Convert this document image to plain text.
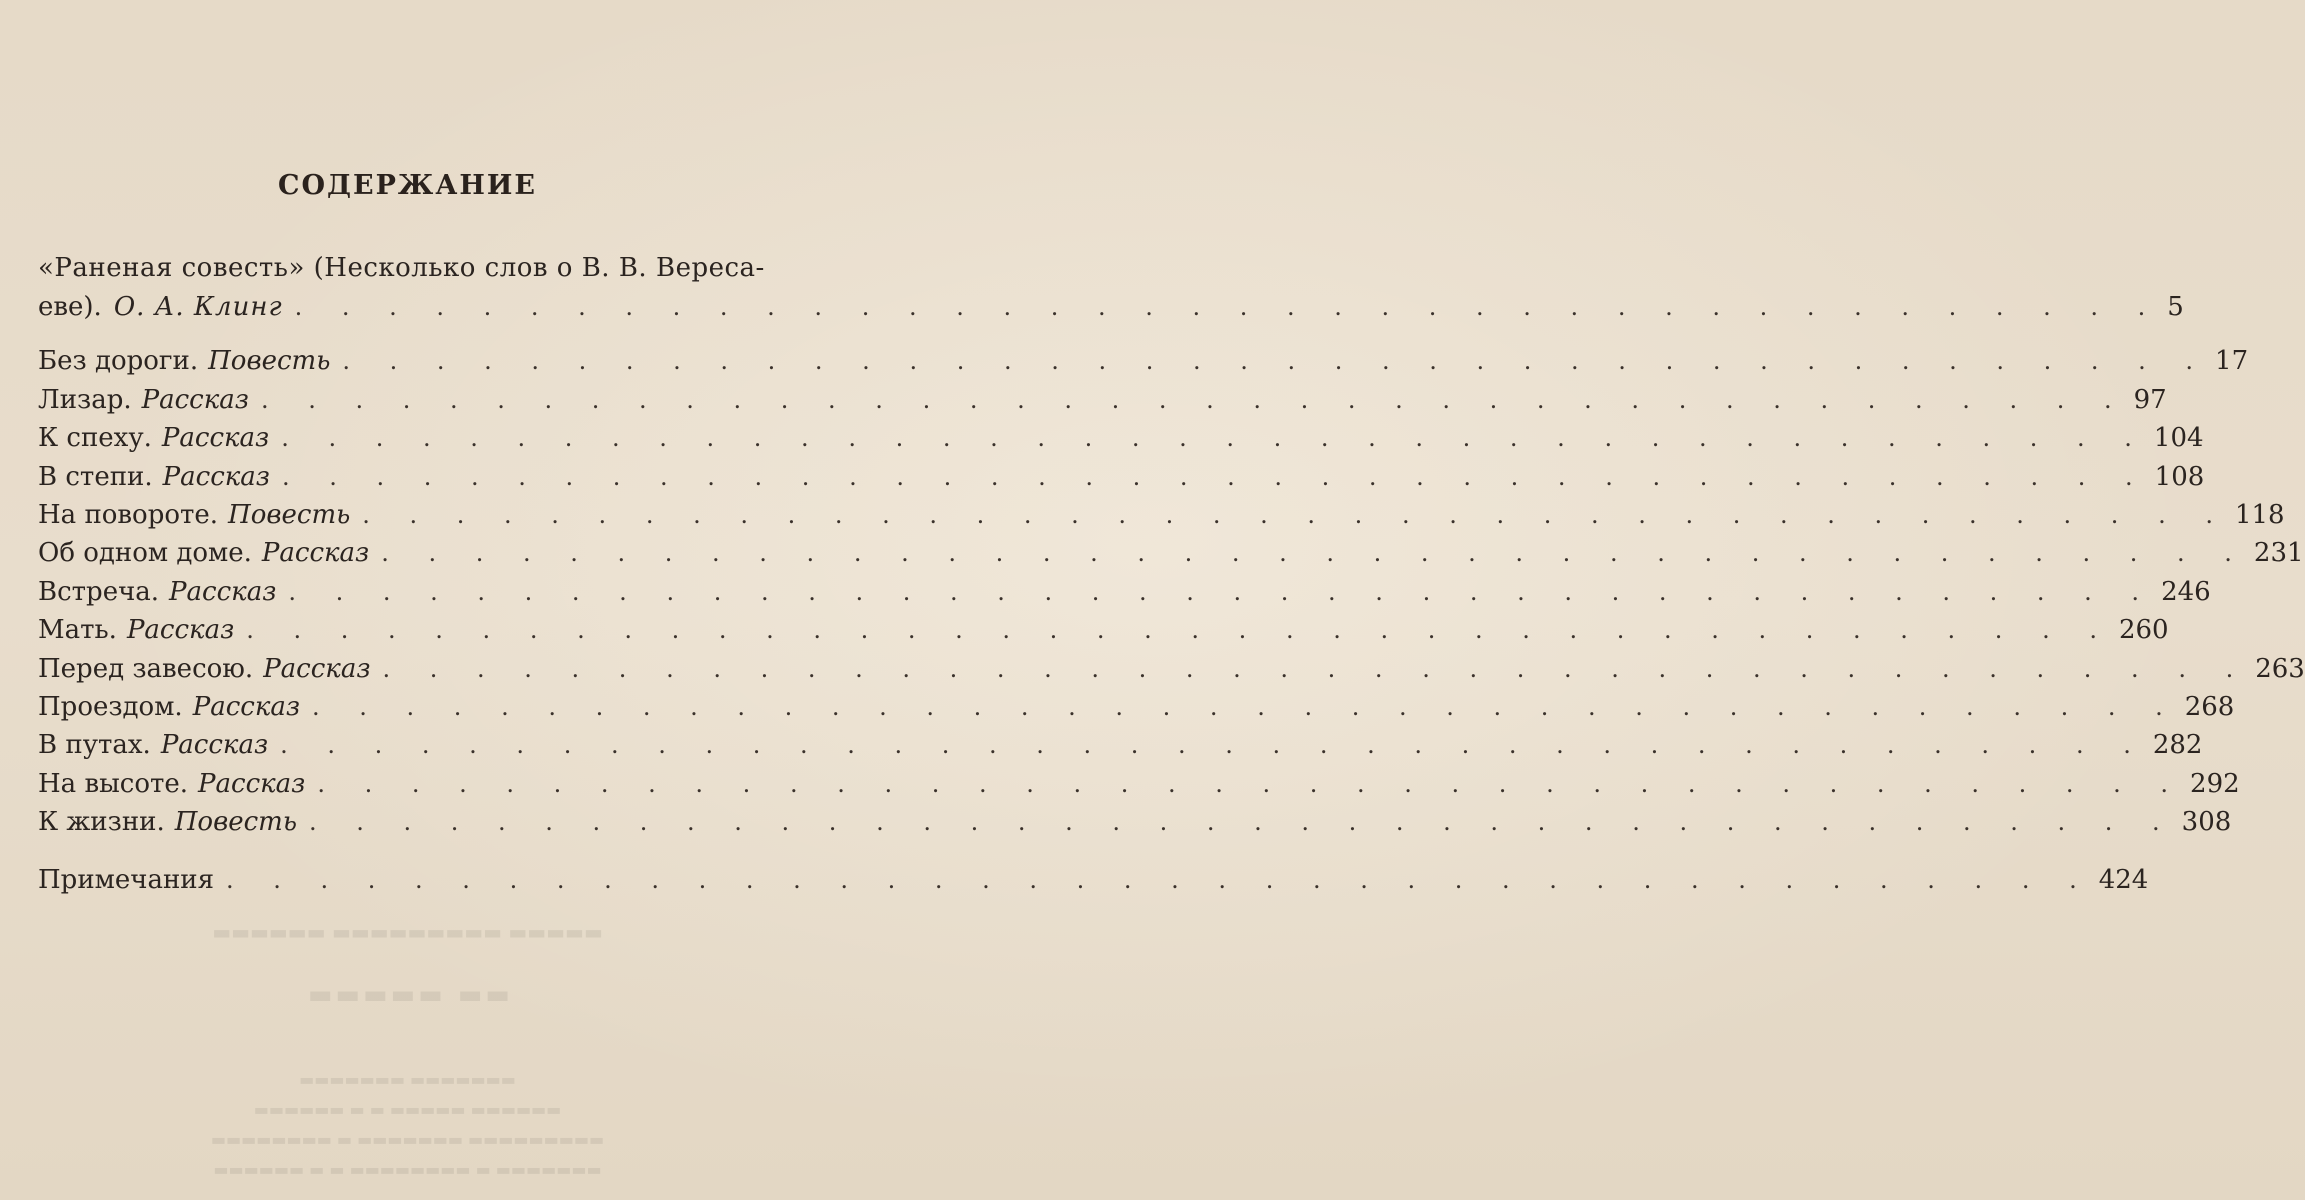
СОДЕРЖАНИЕ
«Раненая совесть» (Несколько слов о В. В. Вереса-
еве). О. А. Клинг . . . . . . . . . . . . . . . . . . . . . . . . . . . . . . . . . . . . . . . . 5
Без дороги. Повесть . . . . . . . . . . . . . . . . . . . . . . . . . . . . . . . . . . . . . . . . 17
Лизар. Рассказ . . . . . . . . . . . . . . . . . . . . . . . . . . . . . . . . . . . . . . . . 97
К спеху. Рассказ . . . . . . . . . . . . . . . . . . . . . . . . . . . . . . . . . . . . . . . . 104
В степи. Рассказ . . . . . . . . . . . . . . . . . . . . . . . . . . . . . . . . . . . . . . . . 108
На повороте. Повесть . . . . . . . . . . . . . . . . . . . . . . . . . . . . . . . . . . . . . . . . 118
Об одном доме. Рассказ . . . . . . . . . . . . . . . . . . . . . . . . . . . . . . . . . . . . . . . . 231
Встреча. Рассказ . . . . . . . . . . . . . . . . . . . . . . . . . . . . . . . . . . . . . . . . 246
Мать. Рассказ . . . . . . . . . . . . . . . . . . . . . . . . . . . . . . . . . . . . . . . . 260
Перед завесою. Рассказ . . . . . . . . . . . . . . . . . . . . . . . . . . . . . . . . . . . . . . . . 263
Проездом. Рассказ . . . . . . . . . . . . . . . . . . . . . . . . . . . . . . . . . . . . . . . . 268
В путах. Рассказ . . . . . . . . . . . . . . . . . . . . . . . . . . . . . . . . . . . . . . . . 282
На высоте. Рассказ . . . . . . . . . . . . . . . . . . . . . . . . . . . . . . . . . . . . . . . . 292
К жизни. Повесть . . . . . . . . . . . . . . . . . . . . . . . . . . . . . . . . . . . . . . . . 308
Примечания . . . . . . . . . . . . . . . . . . . . . . . . . . . . . . . . . . . . . . . . 424
▬▬▬▬▬ ▬▬▬▬▬▬▬▬▬ ▬▬▬▬▬▬
▬▬ ▬▬▬▬▬
▬▬▬▬▬▬▬ ▬▬▬▬▬▬▬
▬▬▬▬▬▬ ▬▬▬▬▬ ▬ ▬ ▬▬▬▬▬▬
▬▬▬▬▬▬▬▬▬ ▬▬▬▬▬▬▬ ▬ ▬▬▬▬▬▬▬▬
▬▬▬▬▬▬▬ ▬ ▬▬▬▬▬▬▬▬ ▬ ▬ ▬▬▬▬▬▬
